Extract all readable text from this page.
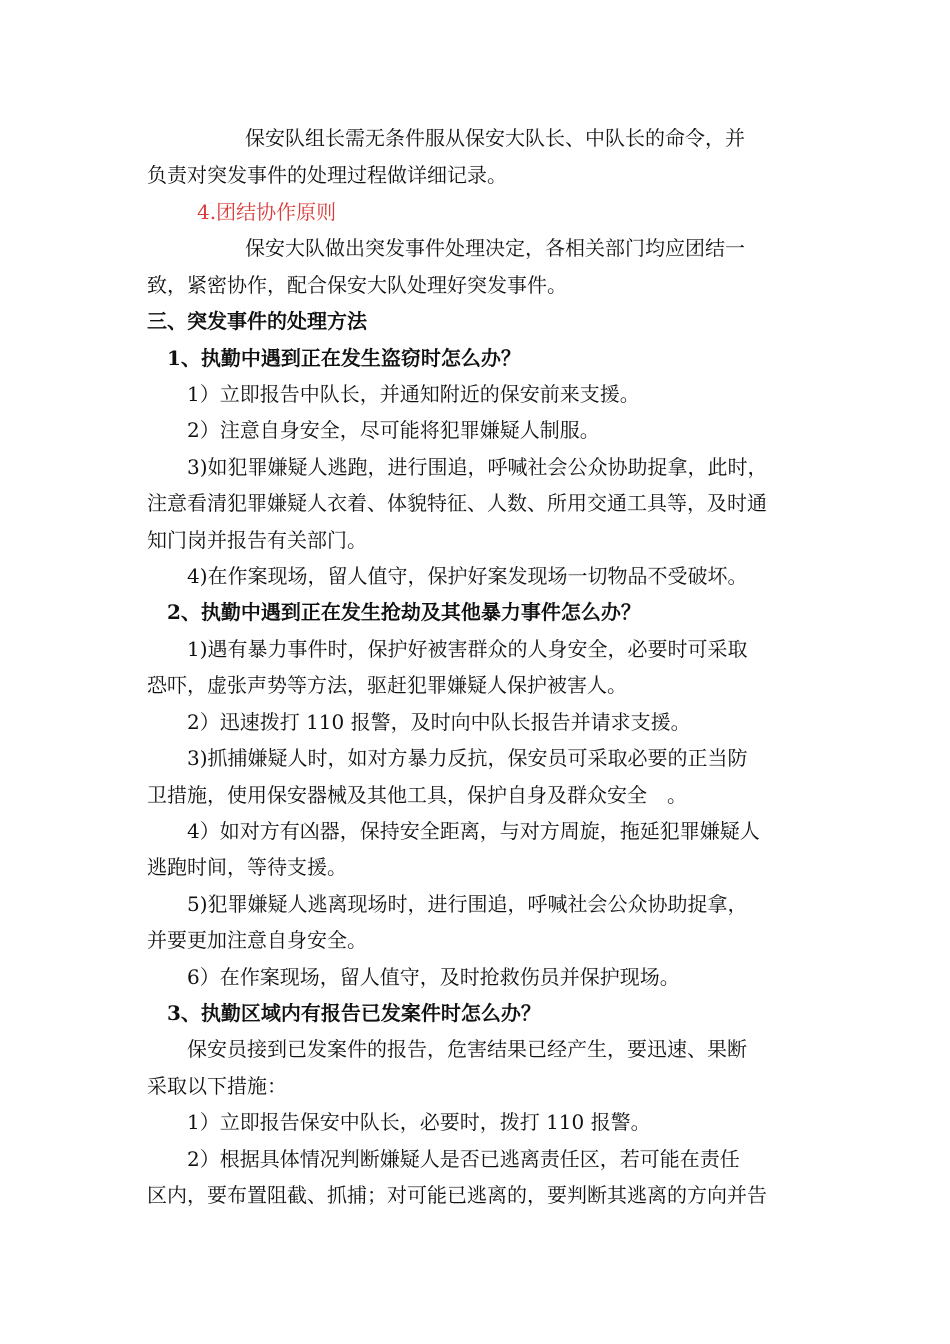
保安队组长需无条件服从保安大队长、中队长的命令，并
负责对突发事件的处理过程做详细记录。
4.团结协作原则
保安大队做出突发事件处理决定，各相关部门均应团结一
致，紧密协作，配合保安大队处理好突发事件。
三、突发事件的处理方法
1、执勤中遇到正在发生盗窃时怎么办？
1）立即报告中队长，并通知附近的保安前来支援。
2）注意自身安全，尽可能将犯罪嫌疑人制服。
3)如犯罪嫌疑人逃跑，进行围追，呼喊社会公众协助捉拿，此时，
注意看清犯罪嫌疑人衣着、体貌特征、人数、所用交通工具等，及时通
知门岗并报告有关部门。
4)在作案现场，留人值守，保护好案发现场一切物品不受破坏。
2、执勤中遇到正在发生抢劫及其他暴力事件怎么办？
1)遇有暴力事件时，保护好被害群众的人身安全，必要时可采取
恐吓，虚张声势等方法，驱赶犯罪嫌疑人保护被害人。
2）迅速拨打 110 报警，及时向中队长报告并请求支援。
3)抓捕嫌疑人时，如对方暴力反抗，保安员可采取必要的正当防
卫措施，使用保安器械及其他工具，保护自身及群众安全　。
4）如对方有凶器，保持安全距离，与对方周旋，拖延犯罪嫌疑人
逃跑时间，等待支援。
5)犯罪嫌疑人逃离现场时，进行围追，呼喊社会公众协助捉拿，
并要更加注意自身安全。
6）在作案现场，留人值守，及时抢救伤员并保护现场。
3、执勤区域内有报告已发案件时怎么办？
保安员接到已发案件的报告，危害结果已经产生，要迅速、果断
采取以下措施：
1）立即报告保安中队长，必要时，拨打 110 报警。
2）根据具体情况判断嫌疑人是否已逃离责任区，若可能在责任
区内，要布置阻截、抓捕；对可能已逃离的，要判断其逃离的方向并告
